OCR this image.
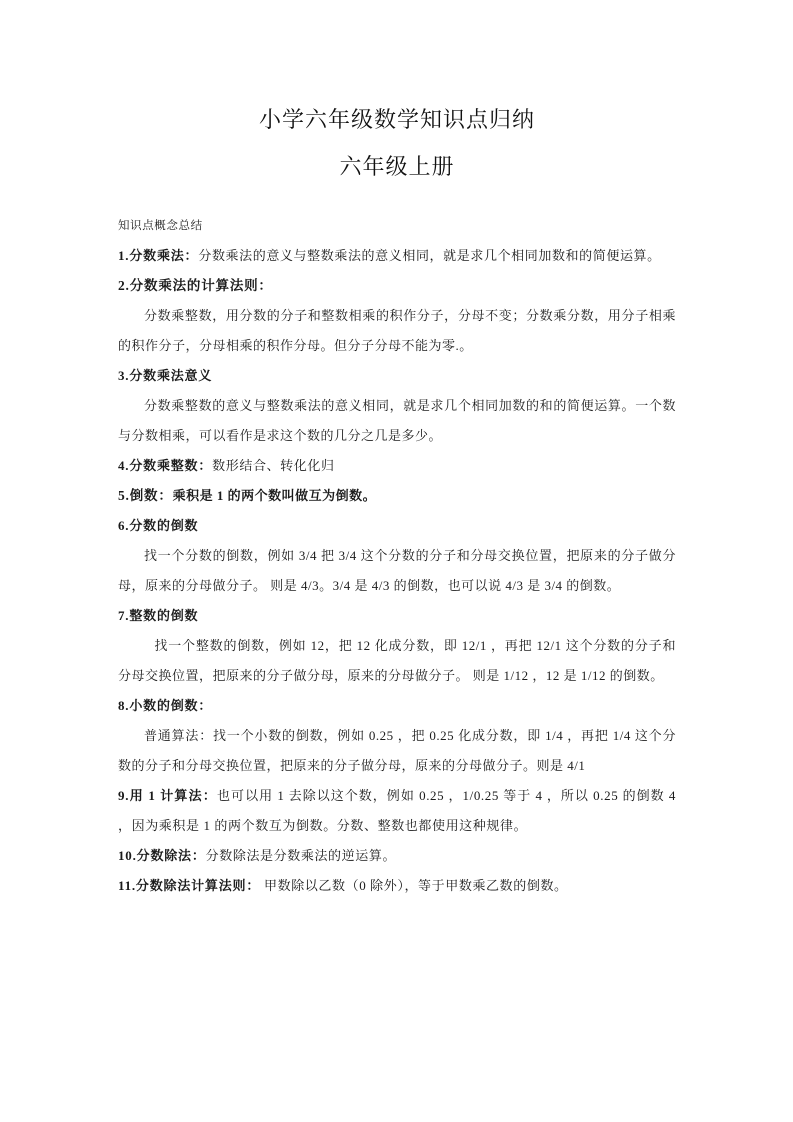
小学六年级数学知识点归纳
六年级上册
知识点概念总结
1.分数乘法：分数乘法的意义与整数乘法的意义相同，就是求几个相同加数和的简便运算。
2.分数乘法的计算法则：
分数乘整数，用分数的分子和整数相乘的积作分子，分母不变；分数乘分数，用分子相乘的积作分子，分母相乘的积作分母。但分子分母不能为零.。
3.分数乘法意义
分数乘整数的意义与整数乘法的意义相同，就是求几个相同加数的和的简便运算。一个数与分数相乘，可以看作是求这个数的几分之几是多少。
4.分数乘整数：数形结合、转化化归
5.倒数：乘积是 1 的两个数叫做互为倒数。
6.分数的倒数
找一个分数的倒数，例如 3/4 把 3/4 这个分数的分子和分母交换位置，把原来的分子做分母，原来的分母做分子。 则是 4/3。3/4 是 4/3 的倒数，也可以说 4/3 是 3/4 的倒数。
7.整数的倒数
找一个整数的倒数，例如 12，把 12 化成分数，即 12/1 ，再把 12/1 这个分数的分子和分母交换位置，把原来的分子做分母，原来的分母做分子。 则是 1/12 ，12 是 1/12 的倒数。
8.小数的倒数：
普通算法：找一个小数的倒数，例如 0.25 ，把 0.25 化成分数，即 1/4 ，再把 1/4 这个分数的分子和分母交换位置，把原来的分子做分母，原来的分母做分子。则是 4/1
9.用 1 计算法：也可以用 1 去除以这个数，例如 0.25 ，1/0.25 等于 4 ，所以 0.25 的倒数 4 ，因为乘积是 1 的两个数互为倒数。分数、整数也都使用这种规律。
10.分数除法：分数除法是分数乘法的逆运算。
11.分数除法计算法则： 甲数除以乙数（0 除外），等于甲数乘乙数的倒数。
